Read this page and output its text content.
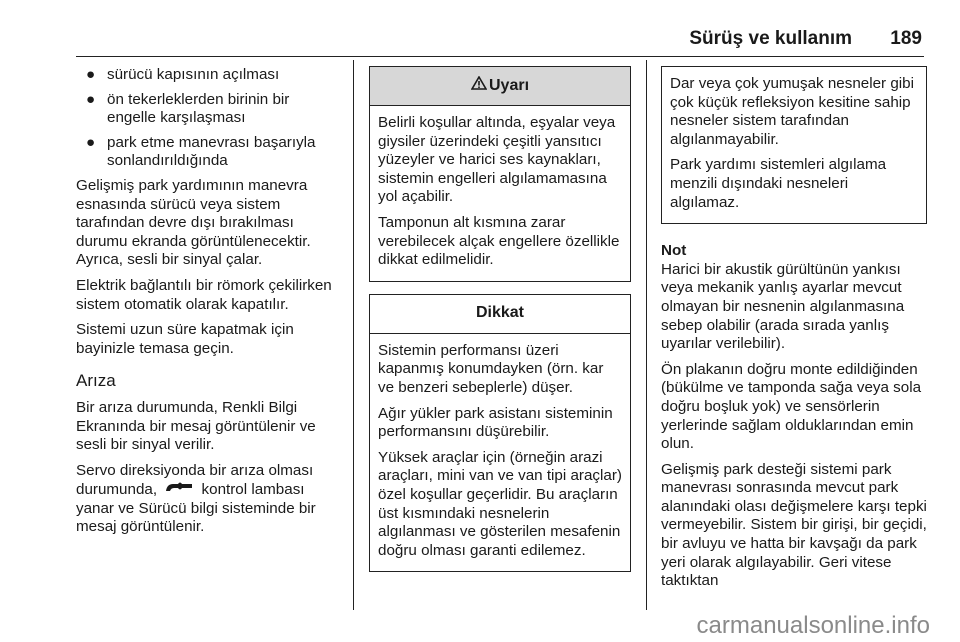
Sürüş ve kullanım 189
● sürücü kapısının açılması
● ön tekerleklerden birinin bir engelle karşılaşması
● park etme manevrası başarıyla sonlandırıldığında

Gelişmiş park yardımının manevra esnasında sürücü veya sistem tarafından devre dışı bırakılması durumu ekranda görüntülenecektir. Ayrıca, sesli bir sinyal çalar.

Elektrik bağlantılı bir römork çekilirken sistem otomatik olarak kapatılır.

Sistemi uzun süre kapatmak için bayinizle temasa geçin.

Arıza

Bir arıza durumunda, Renkli Bilgi Ekranında bir mesaj görüntülenir ve sesli bir sinyal verilir.

Servo direksiyonda bir arıza olması durumunda,	kontrol lambası yanar ve Sürücü bilgi sisteminde bir mesaj görüntülenir.

Uyarı

Belirli koşullar altında, eşyalar veya giysiler üzerindeki çeşitli yansıtıcı yüzeyler ve harici ses kaynakları, sistemin engelleri algılamamasına yol açabilir.

Tamponun alt kısmına zarar verebilecek alçak engellere özellikle dikkat edilmelidir.

Dikkat

Sistemin performansı üzeri kapanmış konumdayken (örn. kar ve benzeri sebeplerle) düşer.

Ağır yükler park asistanı sisteminin performansını düşürebilir.

Yüksek araçlar için (örneğin arazi araçları, mini van ve van tipi araçlar) özel koşullar geçerlidir. Bu araçların üst kısmındaki nesnelerin algılanması ve gösterilen mesafenin doğru olması garanti edilemez.

Dar veya çok yumuşak nesneler gibi çok küçük refleksiyon kesitine sahip nesneler sistem tarafından algılanmayabilir.

Park yardımı sistemleri algılama menzili dışındaki nesneleri algılamaz.

Not

Harici bir akustik gürültünün yankısı veya mekanik yanlış ayarlar mevcut olmayan bir nesnenin algılanmasına sebep olabilir (arada sırada yanlış uyarılar verilebilir).

Ön plakanın doğru monte edildiğinden (bükülme ve tamponda sağa veya sola doğru boşluk yok) ve sensörlerin yerlerinde sağlam olduklarından emin olun.

Gelişmiş park desteği sistemi park manevrası sonrasında mevcut park alanındaki olası değişmelere karşı tepki vermeyebilir. Sistem bir girişi, bir geçidi, bir avluyu ve hatta bir kavşağı da park yeri olarak algılayabilir. Geri vitese taktıktan

carmanualsonline.info
